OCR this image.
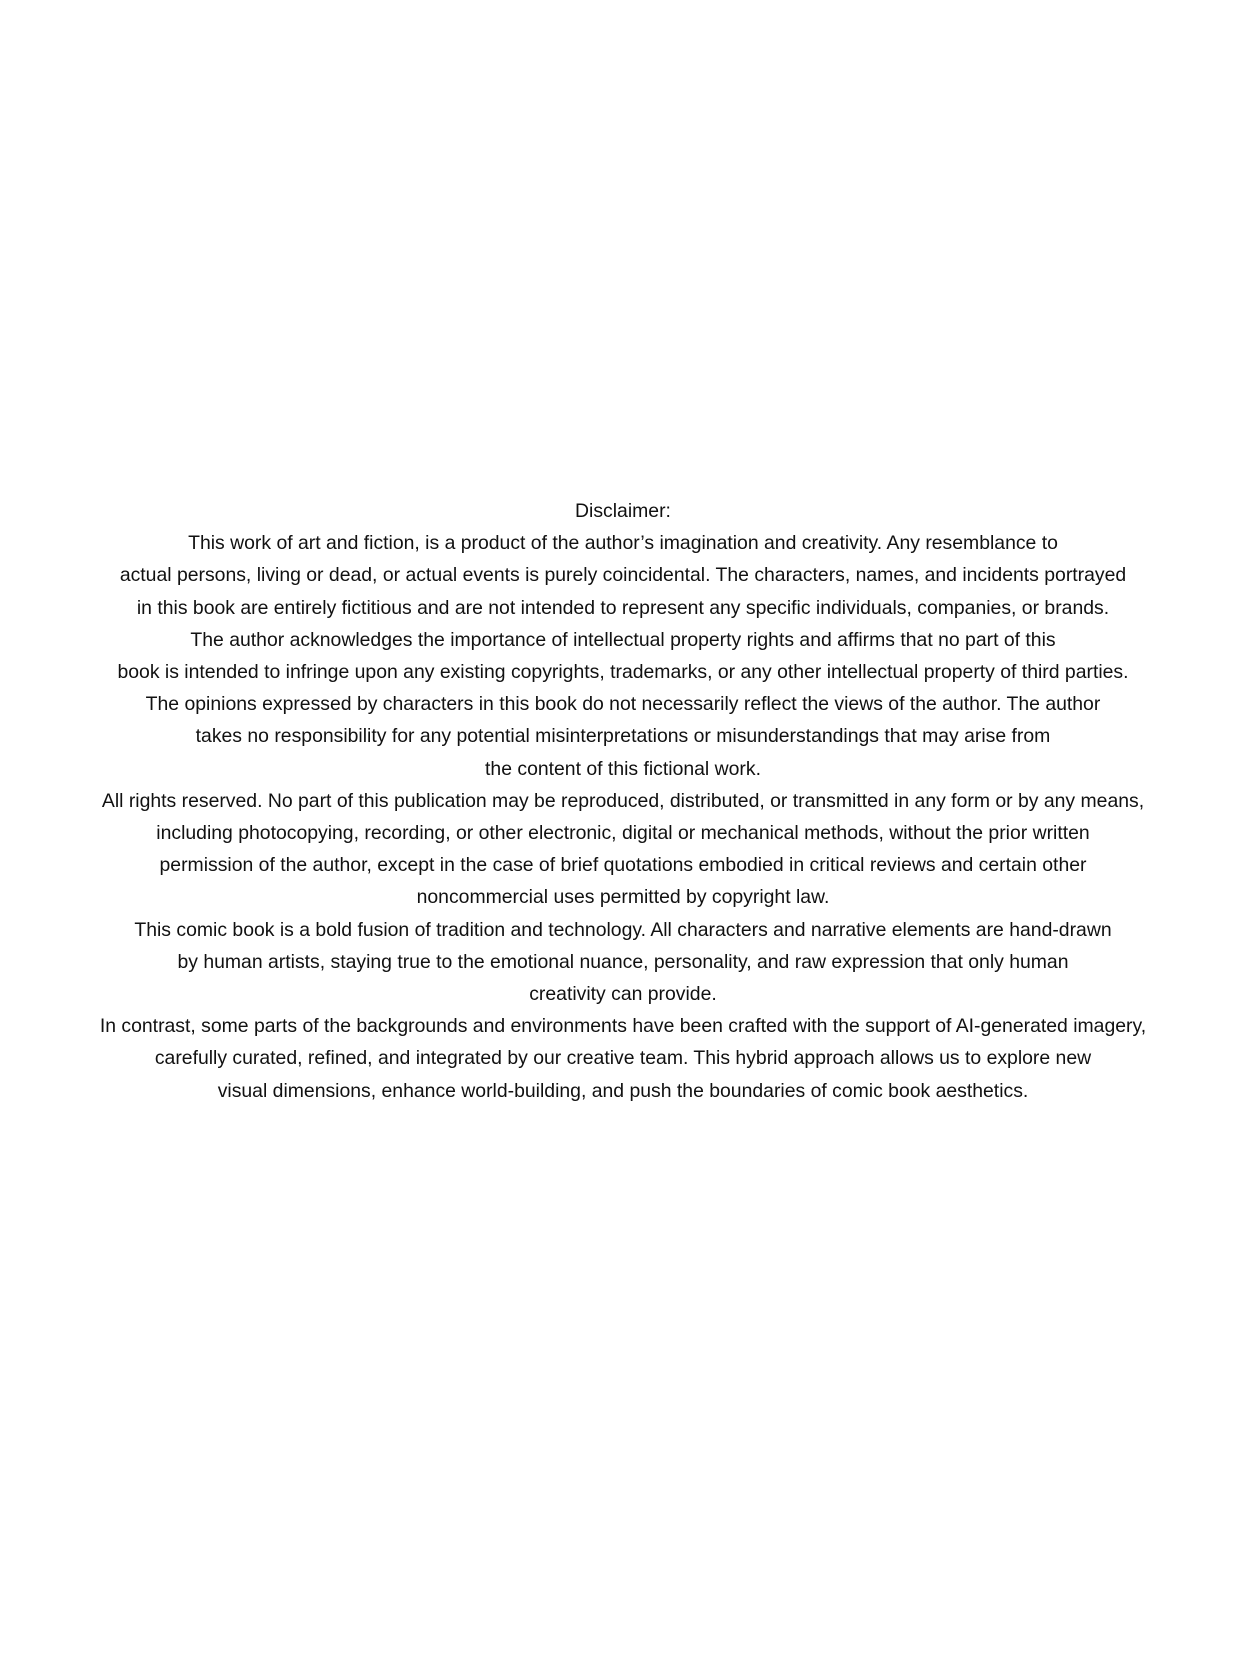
Disclaimer:
This work of art and fiction, is a product of the author’s imagination and creativity. Any resemblance to
actual persons, living or dead, or actual events is purely coincidental. The characters, names, and incidents portrayed
in this book are entirely fictitious and are not intended to represent any specific individuals, companies, or brands.
The author acknowledges the importance of intellectual property rights and affirms that no part of this
book is intended to infringe upon any existing copyrights, trademarks, or any other intellectual property of third parties.
The opinions expressed by characters in this book do not necessarily reflect the views of the author. The author
takes no responsibility for any potential misinterpretations or misunderstandings that may arise from
the content of this fictional work.
All rights reserved. No part of this publication may be reproduced, distributed, or transmitted in any form or by any means,
including photocopying, recording, or other electronic, digital or mechanical methods, without the prior written
permission of the author, except in the case of brief quotations embodied in critical reviews and certain other
noncommercial uses permitted by copyright law.
This comic book is a bold fusion of tradition and technology. All characters and narrative elements are hand-drawn
by human artists, staying true to the emotional nuance, personality, and raw expression that only human
creativity can provide.
In contrast, some parts of the backgrounds and environments have been crafted with the support of AI-generated imagery,
carefully curated, refined, and integrated by our creative team. This hybrid approach allows us to explore new
visual dimensions, enhance world-building, and push the boundaries of comic book aesthetics.
